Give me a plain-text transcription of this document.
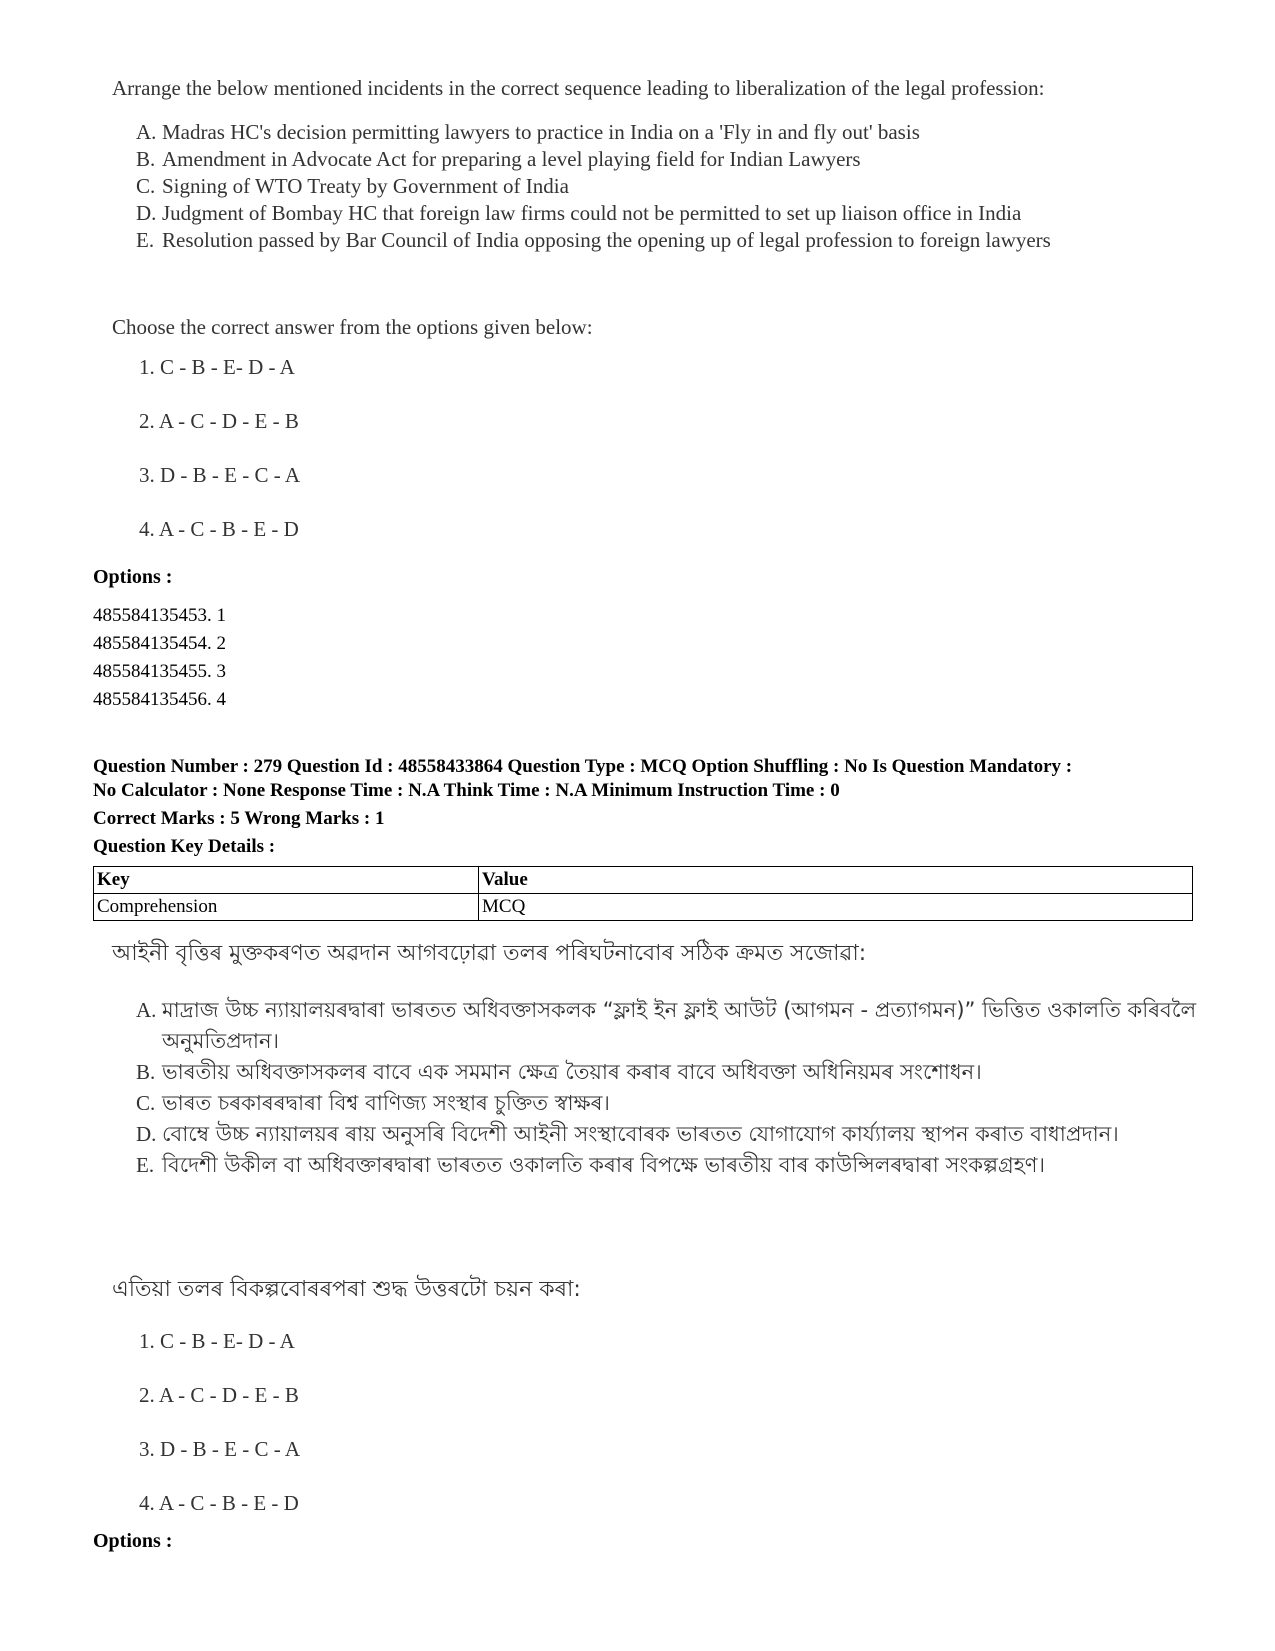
Arrange the below mentioned incidents in the correct sequence leading to liberalization of the legal profession:

A. Madras HC's decision permitting lawyers to practice in India on a 'Fly in and fly out' basis
B. Amendment in Advocate Act for preparing a level playing field for Indian Lawyers
C. Signing of WTO Treaty by Government of India
D. Judgment of Bombay HC that foreign law firms could not be permitted to set up liaison office in India
E. Resolution passed by Bar Council of India opposing the opening up of legal profession to foreign lawyers
Choose the correct answer from the options given below:
1. C - B - E- D - A
2. A - C - D - E - B
3. D - B - E - C - A
4. A - C - B - E - D
Options :
485584135453. 1
485584135454. 2
485584135455. 3
485584135456. 4
Question Number : 279 Question Id : 48558433864 Question Type : MCQ Option Shuffling : No Is Question Mandatory :
No Calculator : None Response Time : N.A Think Time : N.A Minimum Instruction Time : 0
Correct Marks : 5 Wrong Marks : 1
Question Key Details :
Key	Value
Comprehension	MCQ

আইনী বৃত্তিৰ মুক্তকৰণত অৱদান আগবঢ়োৱা তলৰ পৰিঘটনাবোৰ সঠিক ক্ৰমত সজোৱা:

A. মাদ্ৰাজ উচ্চ ন্যায়ালয়ৰদ্বাৰা ভাৰতত অধিবক্তাসকলক “ফ্লাই ইন ফ্লাই আউট (আগমন - প্ৰত্যাগমন)” ভিত্তিত ওকালতি কৰিবলৈ অনুমতিপ্ৰদান।
B. ভাৰতীয় অধিবক্তাসকলৰ বাবে এক সমমান ক্ষেত্ৰ তৈয়াৰ কৰাৰ বাবে অধিবক্তা অধিনিয়মৰ সংশোধন।
C. ভাৰত চৰকাৰৰদ্বাৰা বিশ্ব বাণিজ্য সংস্থাৰ চুক্তিত স্বাক্ষৰ।
D. বোম্বে উচ্চ ন্যায়ালয়ৰ ৰায় অনুসৰি বিদেশী আইনী সংস্থাবোৰক ভাৰতত যোগাযোগ কাৰ্য্যালয় স্থাপন কৰাত বাধাপ্ৰদান।
E. বিদেশী উকীল বা অধিবক্তাৰদ্বাৰা ভাৰতত ওকালতি কৰাৰ বিপক্ষে ভাৰতীয় বাৰ কাউন্সিলৰদ্বাৰা সংকল্পগ্ৰহণ।
এতিয়া তলৰ বিকল্পবোৰৰপৰা শুদ্ধ উত্তৰটো চয়ন কৰা:
1. C - B - E- D - A
2. A - C - D - E - B
3. D - B - E - C - A
4. A - C - B - E - D
Options :
